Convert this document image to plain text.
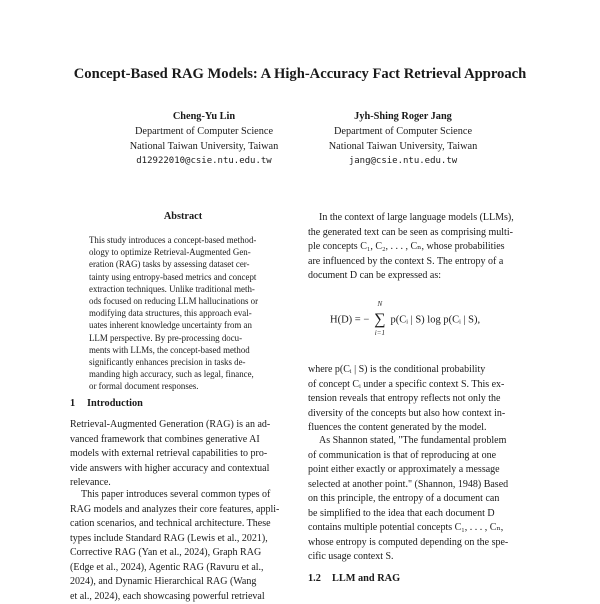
Concept-Based RAG Models: A High-Accuracy Fact Retrieval Approach
Cheng-Yu Lin
Department of Computer Science
National Taiwan University, Taiwan
d12922010@csie.ntu.edu.tw
Jyh-Shing Roger Jang
Department of Computer Science
National Taiwan University, Taiwan
jang@csie.ntu.edu.tw
Abstract
This study introduces a concept-based method-
ology to optimize Retrieval-Augmented Gen-
eration (RAG) tasks by assessing dataset cer-
tainty using entropy-based metrics and concept
extraction techniques. Unlike traditional meth-
ods focused on reducing LLM hallucinations or
modifying data structures, this approach eval-
uates inherent knowledge uncertainty from an
LLM perspective. By pre-processing docu-
ments with LLMs, the concept-based method
significantly enhances precision in tasks de-
manding high accuracy, such as legal, finance,
or formal document responses.
1 Introduction
Retrieval-Augmented Generation (RAG) is an ad-
vanced framework that combines generative AI
models with external retrieval capabilities to pro-
vide answers with higher accuracy and contextual
relevance.
This paper introduces several common types of
RAG models and analyzes their core features, appli-
cation scenarios, and technical architecture. These
types include Standard RAG (Lewis et al., 2021),
Corrective RAG (Yan et al., 2024), Graph RAG
(Edge et al., 2024), Agentic RAG (Ravuru et al.,
2024), and Dynamic Hierarchical RAG (Wang
et al., 2024), each showcasing powerful retrieval
In the context of large language models (LLMs),
the generated text can be seen as comprising multi-
ple concepts C₁, C₂, . . . , Cₙ, whose probabilities
are influenced by the context S. The entropy of a
document D can be expressed as:
H(D) = −
N
∑
i=1
p(Cᵢ | S) log p(Cᵢ | S),
where p(Cᵢ | S) is the conditional probability
of concept Cᵢ under a specific context S. This ex-
tension reveals that entropy reflects not only the
diversity of the concepts but also how context in-
fluences the content generated by the model.
As Shannon stated, "The fundamental problem
of communication is that of reproducing at one
point either exactly or approximately a message
selected at another point." (Shannon, 1948) Based
on this principle, the entropy of a document can
be simplified to the idea that each document D
contains multiple potential concepts C₁, . . . , Cₙ,
whose entropy is computed depending on the spe-
cific usage context S.
1.2 LLM and RAG
